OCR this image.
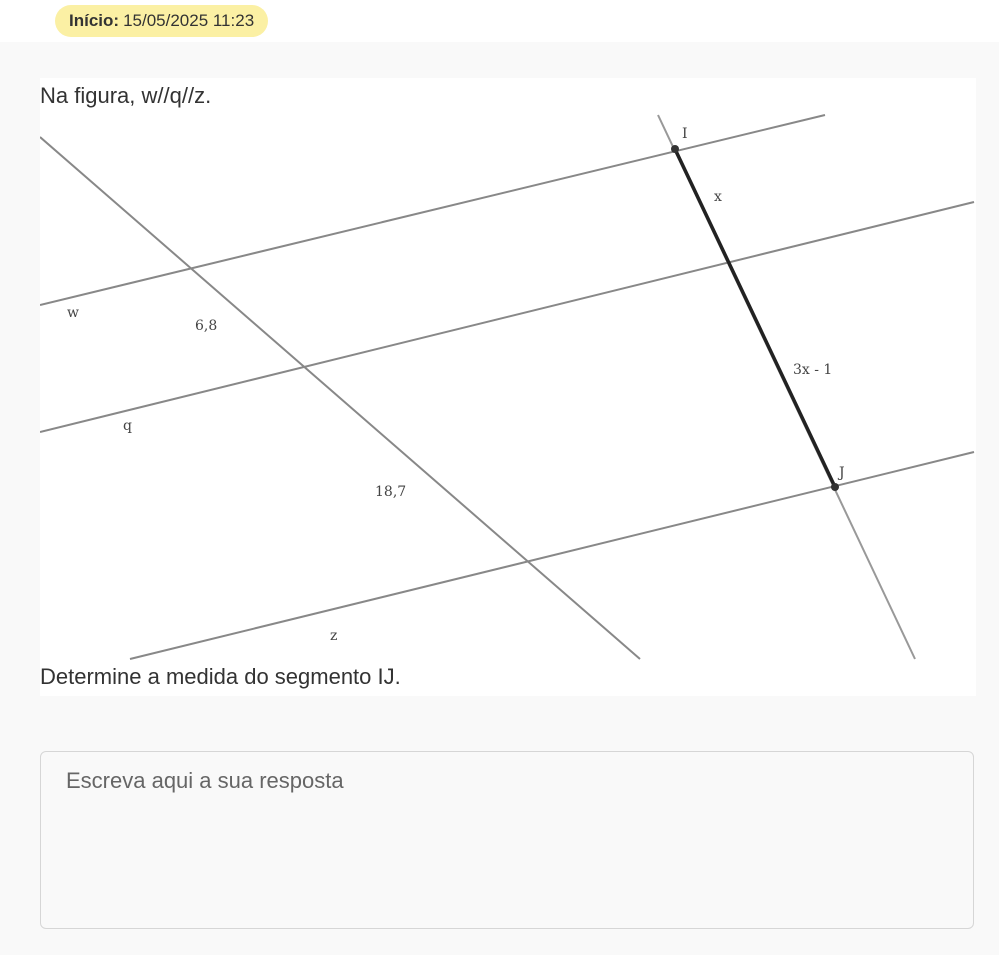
Início: 15/05/2025 11:23
Na figura, w//q//z.
I
x
w
6,8
3x - 1
q
J
18,7
z
Determine a medida do segmento IJ.
Escreva aqui a sua resposta
